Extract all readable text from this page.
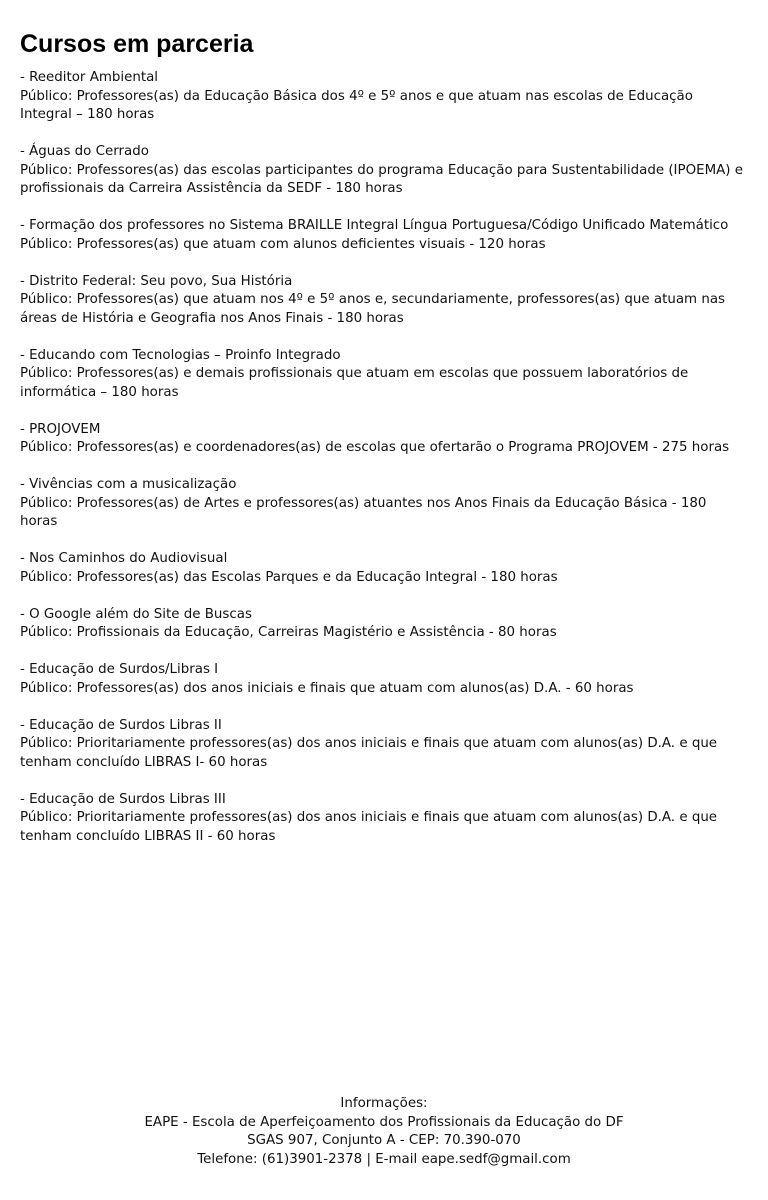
Cursos em parceria
- Reeditor Ambiental
Público: Professores(as) da Educação Básica dos 4º e 5º anos e que atuam nas escolas de Educação Integral – 180 horas
- Águas do Cerrado
Público: Professores(as) das escolas participantes do programa Educação para Sustentabilidade (IPOEMA) e profissionais da Carreira Assistência da SEDF - 180 horas
- Formação dos professores no Sistema BRAILLE Integral Língua Portuguesa/Código Unificado Matemático
Público: Professores(as) que atuam com alunos deficientes visuais - 120 horas
- Distrito Federal: Seu povo, Sua História
Público: Professores(as) que atuam nos 4º e 5º anos e, secundariamente, professores(as) que atuam nas áreas de História e Geografia nos Anos Finais - 180 horas
- Educando com Tecnologias – Proinfo Integrado
Público: Professores(as) e demais profissionais que atuam em escolas que possuem laboratórios de informática – 180 horas
- PROJOVEM
Público: Professores(as) e coordenadores(as) de escolas que ofertarão o Programa PROJOVEM - 275 horas
- Vivências com a musicalização
Público: Professores(as) de Artes e professores(as) atuantes nos Anos Finais da Educação Básica - 180 horas
- Nos Caminhos do Audiovisual
Público: Professores(as) das Escolas Parques e da Educação Integral - 180 horas
- O Google além do Site de Buscas
Público: Profissionais da Educação, Carreiras Magistério e Assistência - 80 horas
- Educação de Surdos/Libras I
Público: Professores(as) dos anos iniciais e finais que atuam com alunos(as) D.A. - 60 horas
- Educação de Surdos Libras II
Público: Prioritariamente professores(as) dos anos iniciais e finais que atuam com alunos(as) D.A. e que tenham concluído LIBRAS I- 60 horas
- Educação de Surdos Libras III
Público: Prioritariamente professores(as) dos anos iniciais e finais que atuam com alunos(as) D.A. e que tenham concluído LIBRAS II - 60 horas
Informações:
EAPE - Escola de Aperfeiçoamento dos Profissionais da Educação do DF
SGAS 907, Conjunto A - CEP: 70.390-070
Telefone: (61)3901-2378 | E-mail eape.sedf@gmail.com
